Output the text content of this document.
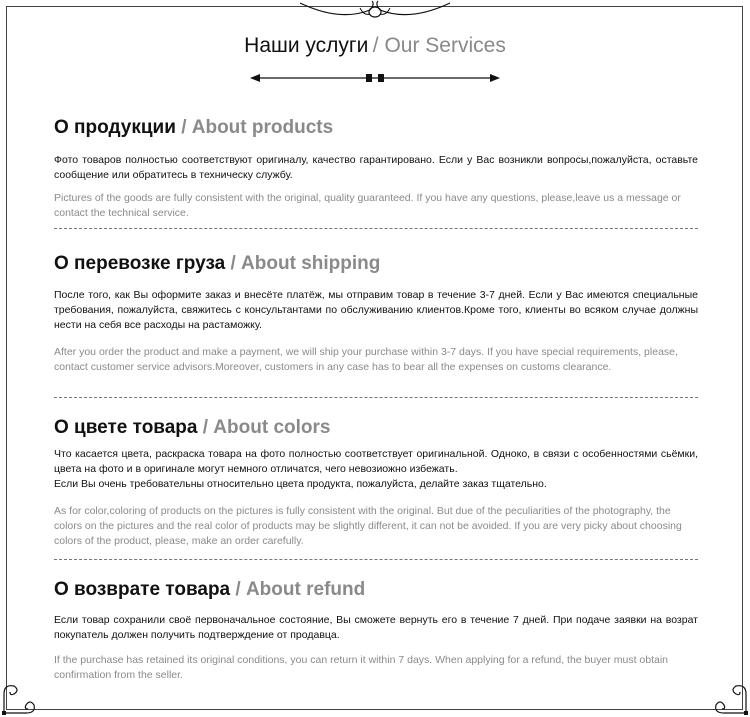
Наши услуги / Our Services
О продукции / About products

Фото товаров полностью соответствуют оригиналу, качество гарантировано. Если у Вас возникли вопросы,пожалуйста, оставьте сообщение или обратитесь в техническу службу.

Pictures of the goods are fully consistent with the original, quality guaranteed. If you have any questions, please,leave us a message or contact the technical service.

О перевозке груза / About shipping

После того, как Вы оформите заказ и внесёте платёж, мы отправим товар в течение 3-7 дней. Если у Вас имеются специальные требования, пожалуйста, свяжитесь с консультантами по обслуживанию клиентов.Кроме того, клиенты во всяком случае должны нести на себя все расходы на растаможку.

After you order the product and make a payment, we will ship your purchase within 3-7 days. If you have special requirements, please, contact customer service advisors.Moreover, customers in any case has to bear all the expenses on customs clearance.

О цвете товара / About colors

Что касается цвета, раскраска товара на фото полностью соответствует оригинальной. Одноко, в связи с особенностями сьёмки, цвета на фото и в оригинале могут немного отличатся, чего невозиожно избежать.

Если Вы очень требовательны относительно цвета продукта, пожалуйста, делайте заказ тщательно.

As for color,coloring of products on the pictures is fully consistent with the original. But due of the peculiarities of the photography, the colors on the pictures and the real color of products may be slightly different, it can not be avoided. If you are very picky about choosing colors of the product, please, make an order carefully.

О возврате товара / About refund

Если товар сохранили своё первоначальное состояние, Вы сможете вернуть его в течение 7 дней. При подаче заявки на возрат покупатель должен получить подтверждение от продавца.

If the purchase has retained its original conditions, you can return it within 7 days. When applying for a refund, the buyer must obtain confirmation from the seller.
